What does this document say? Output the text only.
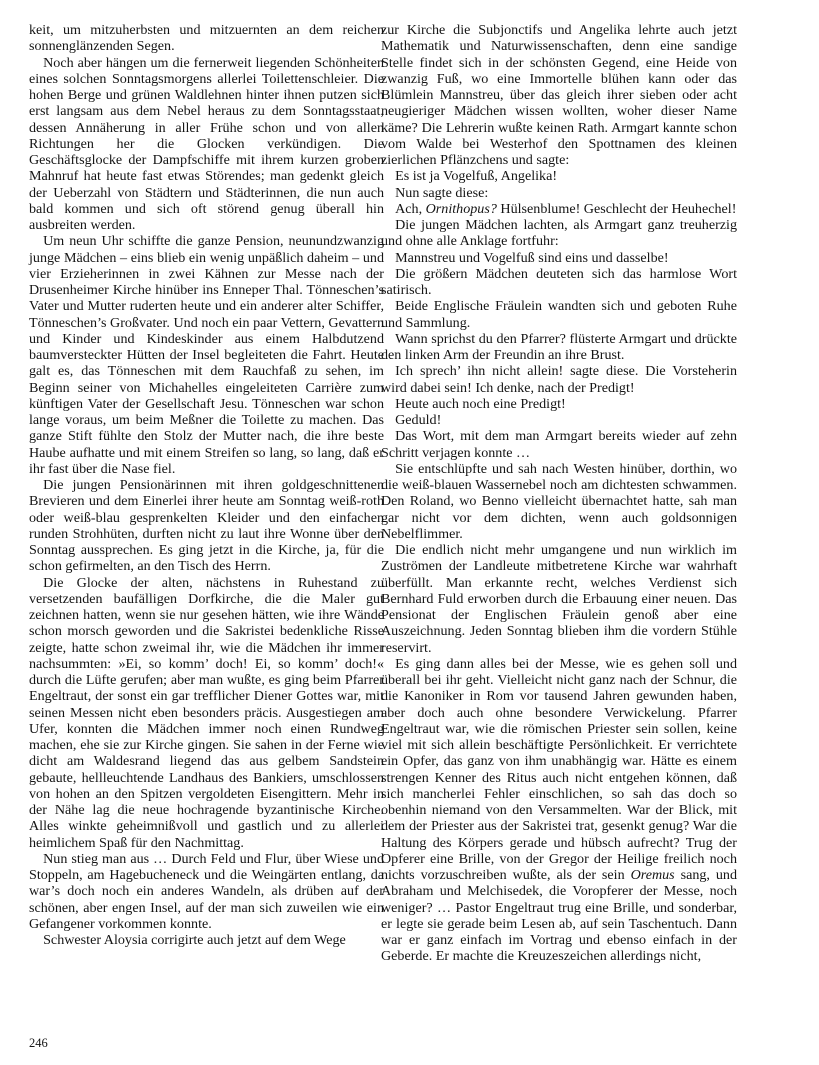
keit, um mitzuherbsten und mitzuernten an dem reichen sonnenglänzenden Segen.

Noch aber hängen um die fernerweit liegenden Schönheiten eines solchen Sonntagsmorgens allerlei Toilettenschleier. Die hohen Berge und grünen Waldlehnen hinter ihnen putzen sich erst langsam aus dem Nebel heraus zu dem Sonntagsstaat, dessen Annäherung in aller Frühe schon und von allen Richtungen her die Glocken verkündigen. Die Geschäftsglocke der Dampfschiffe mit ihrem kurzen groben Mahnruf hat heute fast etwas Störendes; man gedenkt gleich der Ueberzahl von Städtern und Städterinnen, die nun auch bald kommen und sich oft störend genug überall hin ausbreiten werden.

Um neun Uhr schiffte die ganze Pension, neunundzwanzig junge Mädchen – eins blieb ein wenig unpäßlich daheim – und vier Erzieherinnen in zwei Kähnen zur Messe nach der Drusenheimer Kirche hinüber ins Enneper Thal. Tönneschen’s Vater und Mutter ruderten heute und ein anderer alter Schiffer, Tönneschen’s Großvater. Und noch ein paar Vettern, Gevattern und Kinder und Kindeskinder aus einem Halbdutzend baumversteckter Hütten der Insel begleiteten die Fahrt. Heute galt es, das Tönneschen mit dem Rauchfaß zu sehen, im Beginn seiner von Michahelles eingeleiteten Carrière zum künftigen Vater der Gesellschaft Jesu. Tönneschen war schon lange voraus, um beim Meßner die Toilette zu machen. Das ganze Stift fühlte den Stolz der Mutter nach, die ihre beste Haube aufhatte und mit einem Streifen so lang, so lang, daß er ihr fast über die Nase fiel.

Die jungen Pensionärinnen mit ihren goldgeschnittenen Brevieren und dem Einerlei ihrer heute am Sonntag weiß-roth oder weiß-blau gesprenkelten Kleider und den einfachen runden Strohhüten, durften nicht zu laut ihre Wonne über den Sonntag aussprechen. Es ging jetzt in die Kirche, ja, für die schon gefirmelten, an den Tisch des Herrn.

Die Glocke der alten, nächstens in Ruhestand zu versetzenden baufälligen Dorfkirche, die die Maler gut zeichnen hatten, wenn sie nur gesehen hätten, wie ihre Wände schon morsch geworden und die Sakristei bedenkliche Risse zeigte, hatte schon zweimal ihr, wie die Mädchen ihr immer nachsummten: »Ei, so komm’ doch! Ei, so komm’ doch!« durch die Lüfte gerufen; aber man wußte, es ging beim Pfarrer Engeltraut, der sonst ein gar trefflicher Diener Gottes war, mit seinen Messen nicht eben besonders präcis. Ausgestiegen am Ufer, konnten die Mädchen immer noch einen Rundweg machen, ehe sie zur Kirche gingen. Sie sahen in der Ferne wie dicht am Waldesrand liegend das aus gelbem Sandstein gebaute, hellleuchtende Landhaus des Bankiers, umschlossen von hohen an den Spitzen vergoldeten Eisengittern. Mehr in der Nähe lag die neue hochragende byzantinische Kirche. Alles winkte geheimnißvoll und gastlich und zu allerlei heimlichem Spaß für den Nachmittag.

Nun stieg man aus … Durch Feld und Flur, über Wiese und Stoppeln, am Hagebucheneck und die Weingärten entlang, da war’s doch noch ein anderes Wandeln, als drüben auf der schönen, aber engen Insel, auf der man sich zuweilen wie ein Gefangener vorkommen konnte.

Schwester Aloysia corrigirte auch jetzt auf dem Wege

zur Kirche die Subjonctifs und Angelika lehrte auch jetzt Mathematik und Naturwissenschaften, denn eine sandige Stelle findet sich in der schönsten Gegend, eine Heide von zwanzig Fuß, wo eine Immortelle blühen kann oder das Blümlein Mannstreu, über das gleich ihrer sieben oder acht neugieriger Mädchen wissen wollten, woher dieser Name käme? Die Lehrerin wußte keinen Rath. Armgart kannte schon vom Walde bei Westerhof den Spottnamen des kleinen zierlichen Pflänzchens und sagte:

Es ist ja Vogelfuß, Angelika!

Nun sagte diese:

Ach, Ornithopus? Hülsenblume! Geschlecht der Heuhechel!

Die jungen Mädchen lachten, als Armgart ganz treuherzig und ohne alle Anklage fortfuhr:

Mannstreu und Vogelfuß sind eins und dasselbe!

Die größern Mädchen deuteten sich das harmlose Wort satirisch.

Beide Englische Fräulein wandten sich und geboten Ruhe und Sammlung.

Wann sprichst du den Pfarrer? flüsterte Armgart und drückte den linken Arm der Freundin an ihre Brust.

Ich sprech’ ihn nicht allein! sagte diese. Die Vorsteherin wird dabei sein! Ich denke, nach der Predigt!

Heute auch noch eine Predigt!

Geduld!

Das Wort, mit dem man Armgart bereits wieder auf zehn Schritt verjagen konnte …

Sie entschlüpfte und sah nach Westen hinüber, dorthin, wo die weiß-blauen Wassernebel noch am dichtesten schwammen. Den Roland, wo Benno vielleicht übernachtet hatte, sah man gar nicht vor dem dichten, wenn auch goldsonnigen Nebelflimmer.

Die endlich nicht mehr umgangene und nun wirklich im Zuströmen der Landleute mitbetretene Kirche war wahrhaft überfüllt. Man erkannte recht, welches Verdienst sich Bernhard Fuld erworben durch die Erbauung einer neuen. Das Pensionat der Englischen Fräulein genoß aber eine Auszeichnung. Jeden Sonntag blieben ihm die vordern Stühle reservirt.

Es ging dann alles bei der Messe, wie es gehen soll und überall bei ihr geht. Vielleicht nicht ganz nach der Schnur, die die Kanoniker in Rom vor tausend Jahren gewunden haben, aber doch auch ohne besondere Verwickelung. Pfarrer Engeltraut war, wie die römischen Priester sein sollen, keine viel mit sich allein beschäftigte Persönlichkeit. Er verrichtete ein Opfer, das ganz von ihm unabhängig war. Hätte es einem strengen Kenner des Ritus auch nicht entgehen können, daß sich mancherlei Fehler einschlichen, so sah das doch so obenhin niemand von den Versammelten. War der Blick, mit dem der Priester aus der Sakristei trat, gesenkt genug? War die Haltung des Körpers gerade und hübsch aufrecht? Trug der Opferer eine Brille, von der Gregor der Heilige freilich noch nichts vorzuschreiben wußte, als der sein Oremus sang, und Abraham und Melchisedek, die Voropferer der Messe, noch weniger? … Pastor Engeltraut trug eine Brille, und sonderbar, er legte sie gerade beim Lesen ab, auf sein Taschentuch. Dann war er ganz einfach im Vortrag und ebenso einfach in der Geberde. Er machte die Kreuzeszeichen allerdings nicht,

246
